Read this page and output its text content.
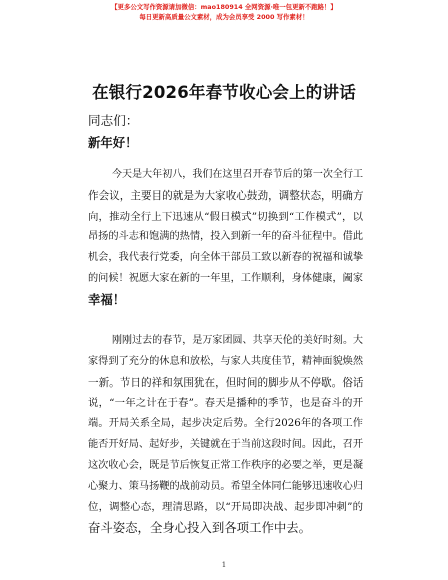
【更多公文写作资源请加微信：mao180914 全网资源·唯一包更新不跑路！】
每日更新高质量公文素材，成为会员享受 2000 写作素材！
在银行2026年春节收心会上的讲话
同志们：
新年好！
今天是大年初八，我们在这里召开春节后的第一次全行工
作会议，主要目的就是为大家收心鼓劲，调整状态，明确方
向，推动全行上下迅速从“假日模式”切换到“工作模式”，以
昂扬的斗志和饱满的热情，投入到新一年的奋斗征程中。借此
机会，我代表行党委，向全体干部员工致以新春的祝福和诚挚
的问候！祝愿大家在新的一年里，工作顺利，身体健康，阖家
幸福！
刚刚过去的春节，是万家团圆、共享天伦的美好时刻。大
家得到了充分的休息和放松，与家人共度佳节，精神面貌焕然
一新。节日的祥和氛围犹在，但时间的脚步从不停歇。俗话
说，“一年之计在于春”。春天是播种的季节，也是奋斗的开
端。开局关系全局，起步决定后势。全行2026年的各项工作
能否开好局、起好步，关键就在于当前这段时间。因此，召开
这次收心会，既是节后恢复正常工作秩序的必要之举，更是凝
心聚力、策马扬鞭的战前动员。希望全体同仁能够迅速收心归
位，调整心态，理清思路，以“开局即决战、起步即冲刺”的
奋斗姿态，全身心投入到各项工作中去。
1
